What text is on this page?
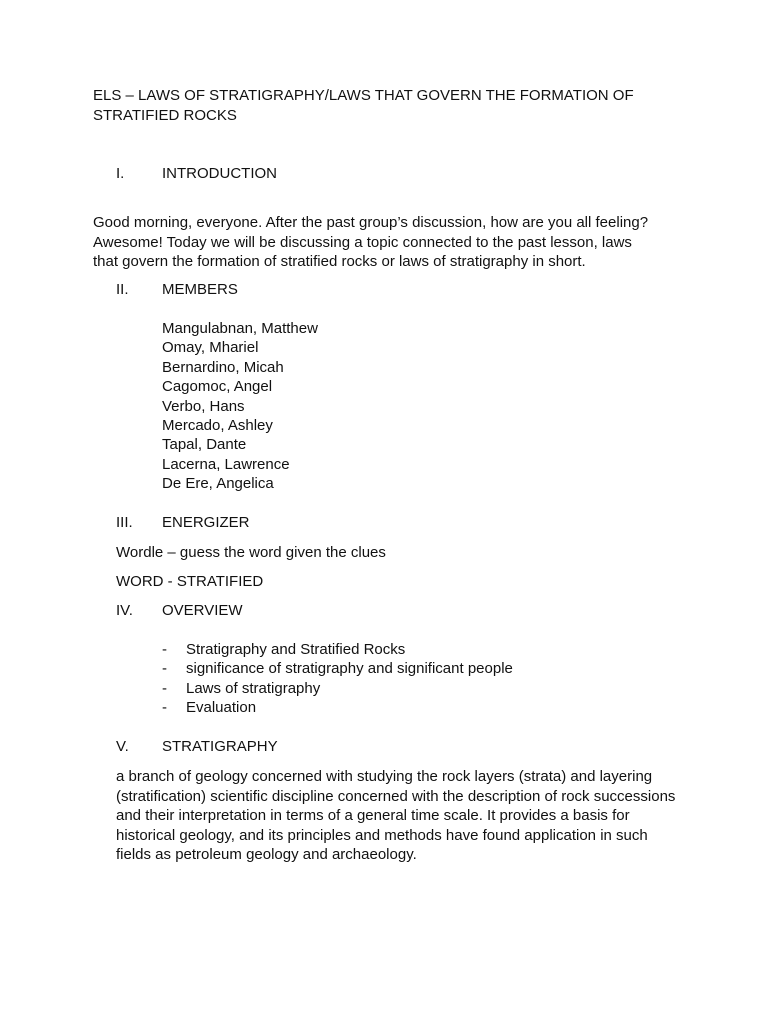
ELS – LAWS OF STRATIGRAPHY/LAWS THAT GOVERN THE FORMATION OF STRATIFIED ROCKS
I.	INTRODUCTION

Good morning, everyone. After the past group’s discussion, how are you all feeling? Awesome! Today we will be discussing a topic connected to the past lesson, laws that govern the formation of stratified rocks or laws of stratigraphy in short.

II. MEMBERS
Mangulabnan, Matthew
Omay, Mhariel
Bernardino, Micah
Cagomoc, Angel
Verbo, Hans
Mercado, Ashley
Tapal, Dante
Lacerna, Lawrence
De Ere, Angelica
III. ENERGIZER

Wordle – guess the word given the clues

WORD - STRATIFIED

IV. OVERVIEW
- Stratigraphy and Stratified Rocks
- significance of stratigraphy and significant people
- Laws of stratigraphy
- Evaluation
V. STRATIGRAPHY

a branch of geology concerned with studying the rock layers (strata) and layering (stratification) scientific discipline concerned with the description of rock successions and their interpretation in terms of a general time scale. It provides a basis for historical geology, and its principles and methods have found application in such fields as petroleum geology and archaeology.
